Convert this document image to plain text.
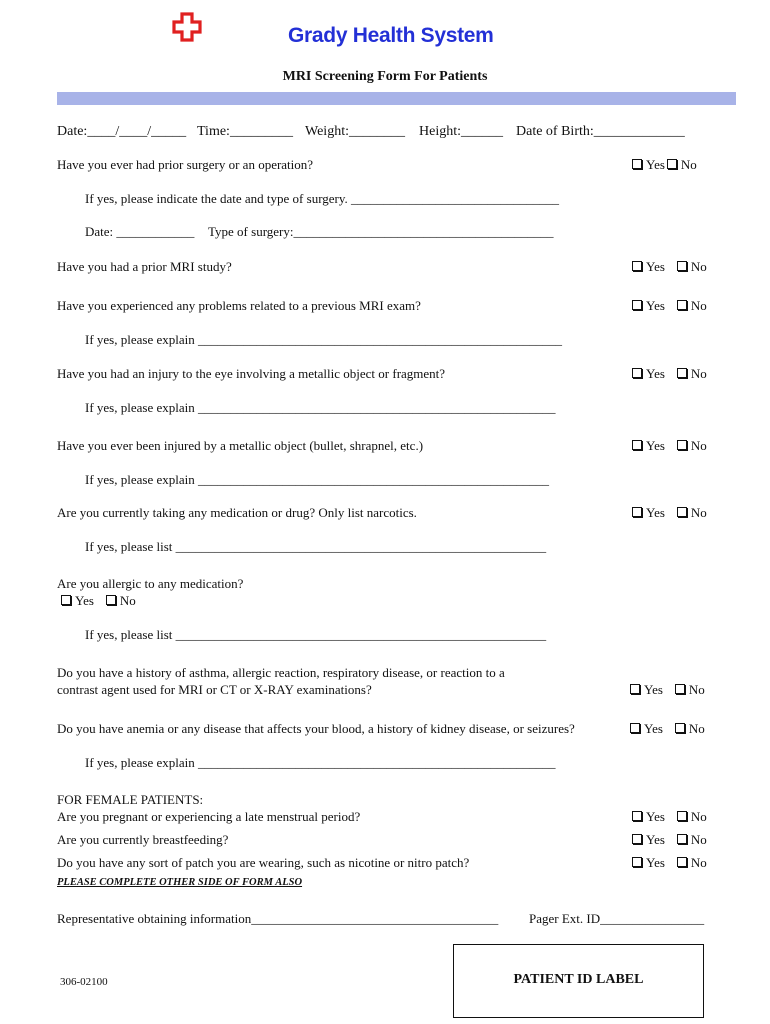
Grady Health System
MRI Screening Form For Patients
Date:____/____/_____ Time:_________ Weight:________ Height:______ Date of Birth:_____________
Have you ever had prior surgery or an operation?	Yes No
If yes, please indicate the date and type of surgery. ________________________________
Date: ____________ Type of surgery:________________________________________
Have you had a prior MRI study?	Yes No
Have you experienced any problems related to a previous MRI exam?	Yes No
If yes, please explain ________________________________________________________
Have you had an injury to the eye involving a metallic object or fragment?	Yes No
If yes, please explain _______________________________________________________
Have you ever been injured by a metallic object (bullet, shrapnel, etc.)	Yes No
If yes, please explain ______________________________________________________
Are you currently taking any medication or drug? Only list narcotics.	Yes No
If yes, please list _________________________________________________________
Are you allergic to any medication?
Yes No
If yes, please list _________________________________________________________
Do you have a history of asthma, allergic reaction, respiratory disease, or reaction to a
contrast agent used for MRI or CT or X-RAY examinations?	Yes No
Do you have anemia or any disease that affects your blood, a history of kidney disease, or seizures?	Yes No
If yes, please explain _______________________________________________________
FOR FEMALE PATIENTS:
Are you pregnant or experiencing a late menstrual period?	Yes No
Are you currently breastfeeding?	Yes No
Do you have any sort of patch you are wearing, such as nicotine or nitro patch?	Yes No
PLEASE COMPLETE OTHER SIDE OF FORM ALSO
Representative obtaining information______________________________________ Pager Ext. ID________________
306-02100	PATIENT ID LABEL
